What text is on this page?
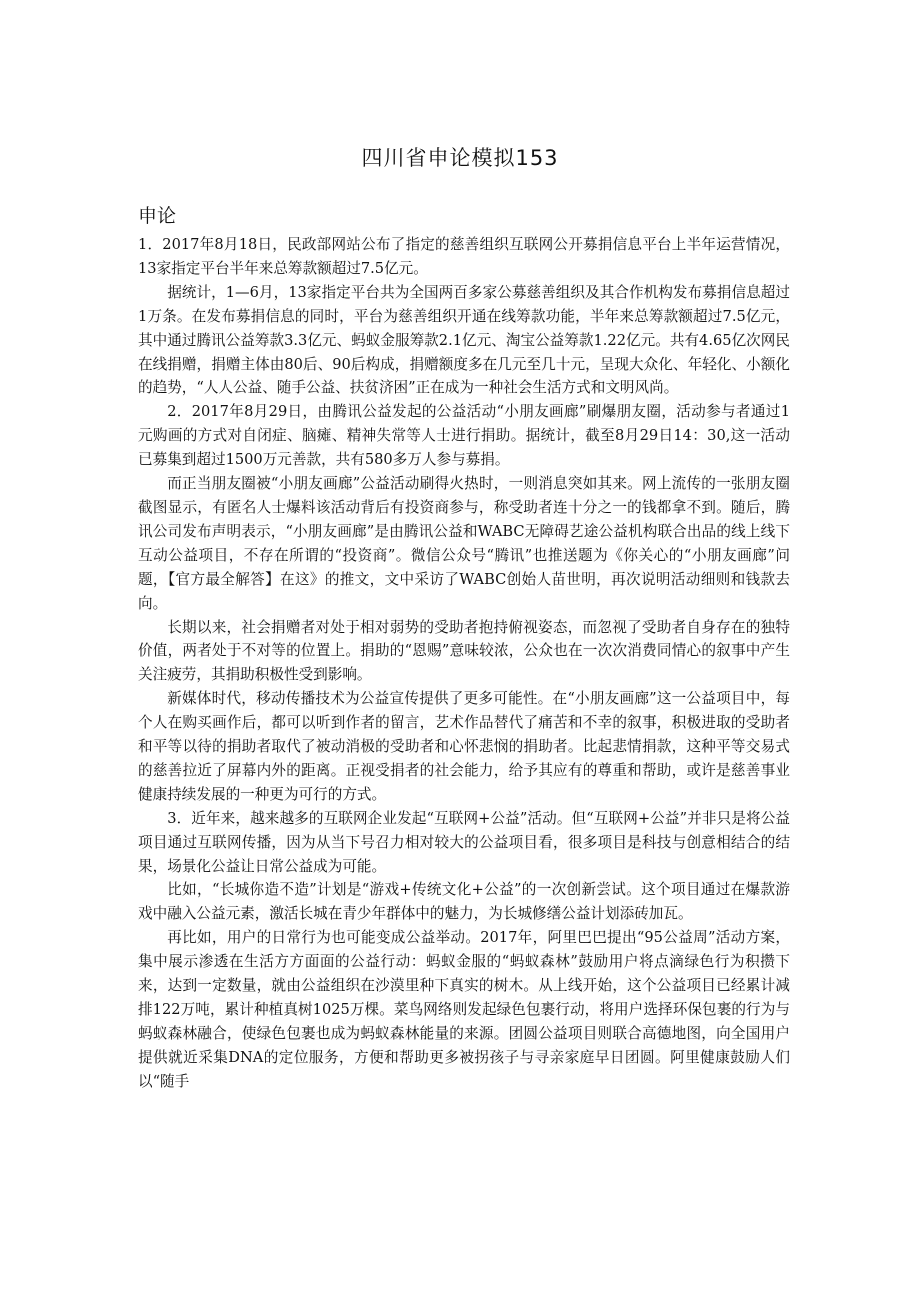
四川省申论模拟153
申论

1．2017年8月18日，民政部网站公布了指定的慈善组织互联网公开募捐信息平台上半年运营情况，13家指定平台半年来总筹款额超过7.5亿元。

据统计，1—6月，13家指定平台共为全国两百多家公募慈善组织及其合作机构发布募捐信息超过1万条。在发布募捐信息的同时，平台为慈善组织开通在线筹款功能，半年来总筹款额超过7.5亿元，其中通过腾讯公益筹款3.3亿元、蚂蚁金服筹款2.1亿元、淘宝公益筹款1.22亿元。共有4.65亿次网民在线捐赠，捐赠主体由80后、90后构成，捐赠额度多在几元至几十元，呈现大众化、年轻化、小额化的趋势，“人人公益、随手公益、扶贫济困”正在成为一种社会生活方式和文明风尚。

2．2017年8月29日，由腾讯公益发起的公益活动“小朋友画廊”刷爆朋友圈，活动参与者通过1元购画的方式对自闭症、脑瘫、精神失常等人士进行捐助。据统计，截至8月29日14：30,这一活动已募集到超过1500万元善款，共有580多万人参与募捐。

而正当朋友圈被“小朋友画廊”公益活动刷得火热时，一则消息突如其来。网上流传的一张朋友圈截图显示，有匿名人士爆料该活动背后有投资商参与，称受助者连十分之一的钱都拿不到。随后，腾讯公司发布声明表示，“小朋友画廊”是由腾讯公益和WABC无障碍艺途公益机构联合出品的线上线下互动公益项目，不存在所谓的“投资商”。微信公众号“腾讯”也推送题为《你关心的“小朋友画廊”问题，【官方最全解答】在这》的推文，文中采访了WABC创始人苗世明，再次说明活动细则和钱款去向。

长期以来，社会捐赠者对处于相对弱势的受助者抱持俯视姿态，而忽视了受助者自身存在的独特价值，两者处于不对等的位置上。捐助的“恩赐”意味较浓，公众也在一次次消费同情心的叙事中产生关注疲劳，其捐助积极性受到影响。

新媒体时代，移动传播技术为公益宣传提供了更多可能性。在“小朋友画廊”这一公益项目中，每个人在购买画作后，都可以听到作者的留言，艺术作品替代了痛苦和不幸的叙事，积极进取的受助者和平等以待的捐助者取代了被动消极的受助者和心怀悲悯的捐助者。比起悲情捐款，这种平等交易式的慈善拉近了屏幕内外的距离。正视受捐者的社会能力，给予其应有的尊重和帮助，或许是慈善事业健康持续发展的一种更为可行的方式。

3．近年来，越来越多的互联网企业发起“互联网+公益”活动。但“互联网+公益”并非只是将公益项目通过互联网传播，因为从当下号召力相对较大的公益项目看，很多项目是科技与创意相结合的结果，场景化公益让日常公益成为可能。

比如，“长城你造不造”计划是“游戏+传统文化+公益”的一次创新尝试。这个项目通过在爆款游戏中融入公益元素，激活长城在青少年群体中的魅力，为长城修缮公益计划添砖加瓦。

再比如，用户的日常行为也可能变成公益举动。2017年，阿里巴巴提出“95公益周”活动方案，集中展示渗透在生活方方面面的公益行动：蚂蚁金服的“蚂蚁森林”鼓励用户将点滴绿色行为积攒下来，达到一定数量，就由公益组织在沙漠里种下真实的树木。从上线开始，这个公益项目已经累计减排122万吨，累计种植真树1025万棵。菜鸟网络则发起绿色包裹行动，将用户选择环保包裹的行为与蚂蚁森林融合，使绿色包裹也成为蚂蚁森林能量的来源。团圆公益项目则联合高德地图，向全国用户提供就近采集DNA的定位服务，方便和帮助更多被拐孩子与寻亲家庭早日团圆。阿里健康鼓励人们以“随手
